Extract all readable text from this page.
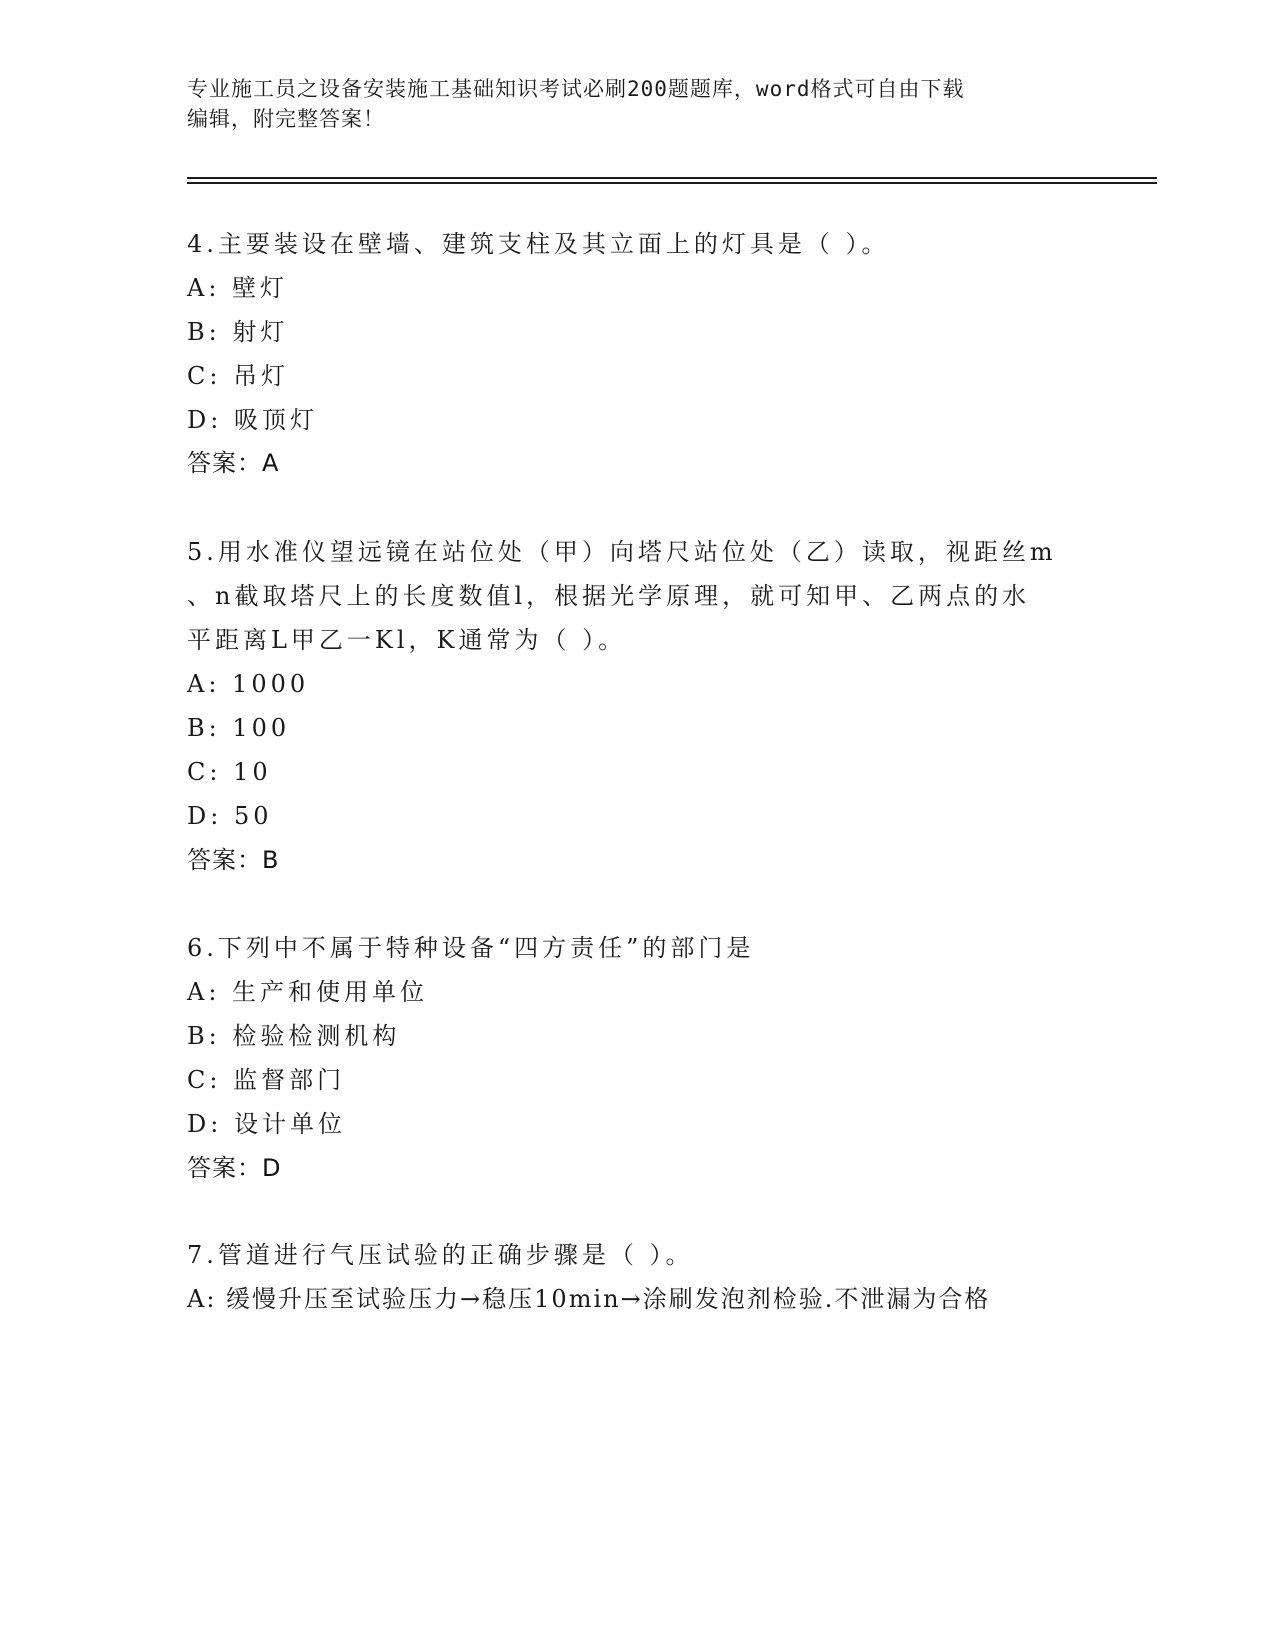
专业施工员之设备安装施工基础知识考试必刷200题题库，word格式可自由下载
编辑，附完整答案！
4.主要装设在壁墙、建筑支柱及其立面上的灯具是（ ）。
A: 壁灯
B: 射灯
C: 吊灯
D: 吸顶灯
答案：A
5.用水准仪望远镜在站位处（甲）向塔尺站位处（乙）读取，视距丝m
、n截取塔尺上的长度数值l，根据光学原理，就可知甲、乙两点的水
平距离L甲乙一Kl，K通常为（ ）。
A: 1000
B: 100
C: 10
D: 50
答案：B
6.下列中不属于特种设备“四方责任”的部门是
A: 生产和使用单位
B: 检验检测机构
C: 监督部门
D: 设计单位
答案：D
7.管道进行气压试验的正确步骤是（ ）。
A: 缓慢升压至试验压力→稳压10min→涂刷发泡剂检验.不泄漏为合格
